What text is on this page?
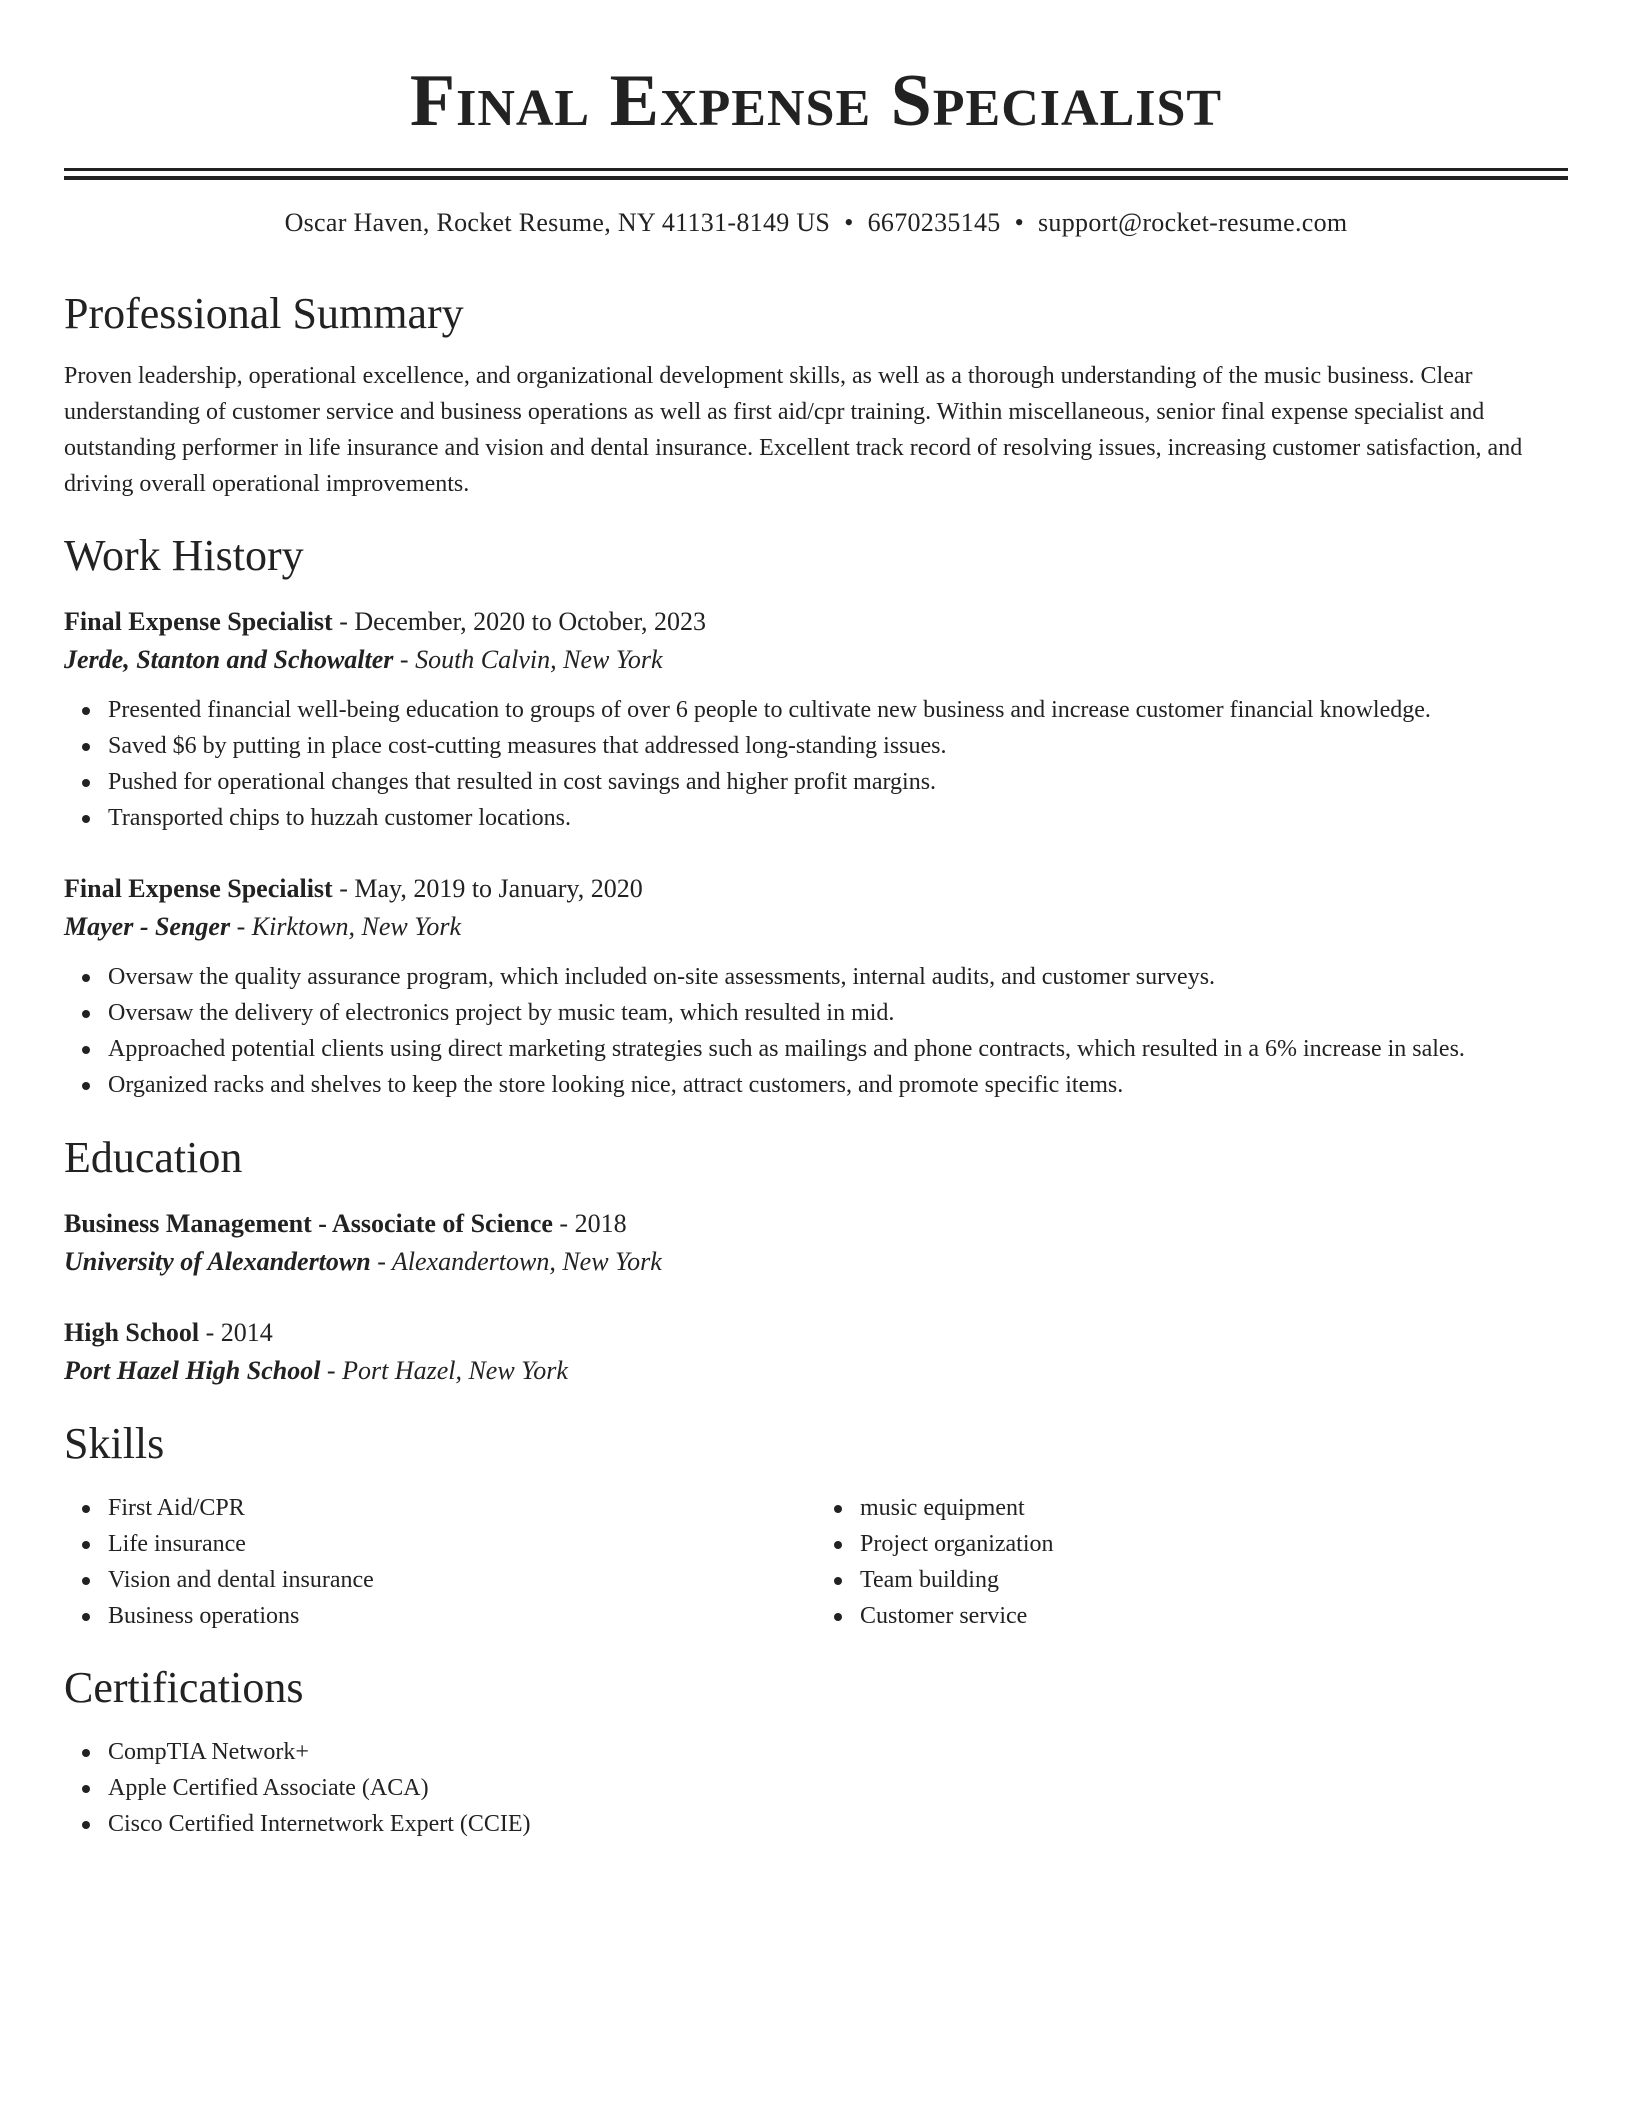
Final Expense Specialist
Oscar Haven, Rocket Resume, NY 41131-8149 US • 6670235145 • support@rocket-resume.com
Professional Summary
Proven leadership, operational excellence, and organizational development skills, as well as a thorough understanding of the music business. Clear understanding of customer service and business operations as well as first aid/cpr training. Within miscellaneous, senior final expense specialist and outstanding performer in life insurance and vision and dental insurance. Excellent track record of resolving issues, increasing customer satisfaction, and driving overall operational improvements.
Work History
Final Expense Specialist - December, 2020 to October, 2023
Jerde, Stanton and Schowalter - South Calvin, New York
Presented financial well-being education to groups of over 6 people to cultivate new business and increase customer financial knowledge.
Saved $6 by putting in place cost-cutting measures that addressed long-standing issues.
Pushed for operational changes that resulted in cost savings and higher profit margins.
Transported chips to huzzah customer locations.
Final Expense Specialist - May, 2019 to January, 2020
Mayer - Senger - Kirktown, New York
Oversaw the quality assurance program, which included on-site assessments, internal audits, and customer surveys.
Oversaw the delivery of electronics project by music team, which resulted in mid.
Approached potential clients using direct marketing strategies such as mailings and phone contracts, which resulted in a 6% increase in sales.
Organized racks and shelves to keep the store looking nice, attract customers, and promote specific items.
Education
Business Management - Associate of Science - 2018
University of Alexandertown - Alexandertown, New York
High School - 2014
Port Hazel High School - Port Hazel, New York
Skills
First Aid/CPR
Life insurance
Vision and dental insurance
Business operations
music equipment
Project organization
Team building
Customer service
Certifications
CompTIA Network+
Apple Certified Associate (ACA)
Cisco Certified Internetwork Expert (CCIE)
